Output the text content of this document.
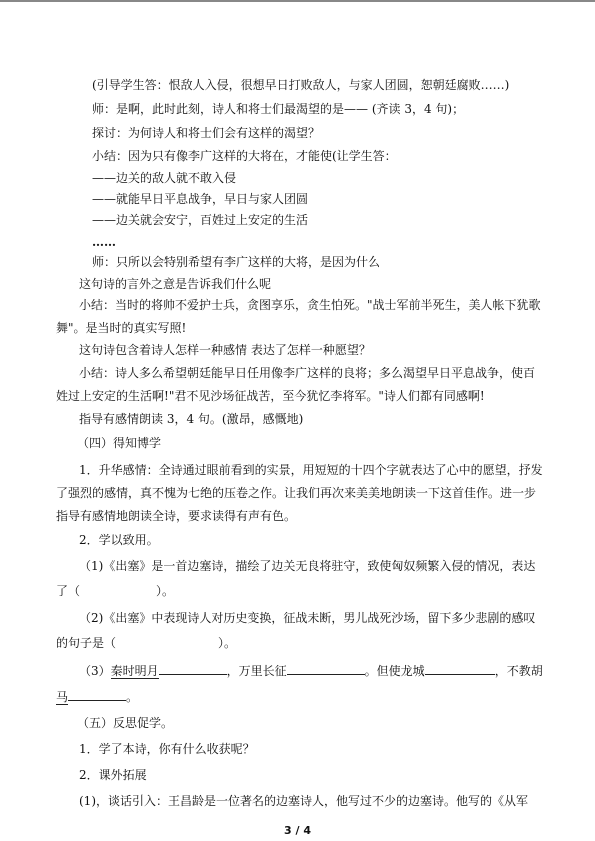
(引导学生答：恨敌人入侵，很想早日打败敌人，与家人团圆，恕朝廷腐败……)
师：是啊，此时此刻，诗人和将士们最渴望的是—— (齐读 3，4 句)；
探讨：为何诗人和将士们会有这样的渴望？
小结：因为只有像李广这样的大将在，才能使(让学生答：
——边关的敌人就不敢入侵
——就能早日平息战争，早日与家人团圆
——边关就会安宁，百姓过上安定的生活
……
师：只所以会特别希望有李广这样的大将，是因为什么
这句诗的言外之意是告诉我们什么呢
小结：当时的将帅不爱护士兵，贪图享乐，贪生怕死。"战士军前半死生，美人帐下犹歌
舞"。是当时的真实写照!
这句诗包含着诗人怎样一种感情 表达了怎样一种愿望？
小结：诗人多么希望朝廷能早日任用像李广这样的良将；多么渴望早日平息战争，使百
姓过上安定的生活啊!"君不见沙场征战苦，至今犹忆李将军。"诗人们都有同感啊!
指导有感情朗读 3，4 句。(激昂，感慨地)
（四）得知博学
1．升华感情：全诗通过眼前看到的实景，用短短的十四个字就表达了心中的愿望，抒发
了强烈的感情，真不愧为七绝的压卷之作。让我们再次来美美地朗读一下这首佳作。进一步
指导有感情地朗读全诗，要求读得有声有色。
2．学以致用。
（1)《出塞》是一首边塞诗，描绘了边关无良将驻守，致使匈奴频繁入侵的情况，表达
了（	）。
（2)《出塞》中表现诗人对历史变换，征战未断，男儿战死沙场，留下多少悲剧的感叹
的句子是（	）。
（3）秦时明月	，万里长征	。但使龙城	，不教胡
马	。
（五）反思促学。
1．学了本诗，你有什么收获呢？
2．课外拓展
(1)，谈话引入：王昌龄是一位著名的边塞诗人，他写过不少的边塞诗。他写的《从军
3 / 4
